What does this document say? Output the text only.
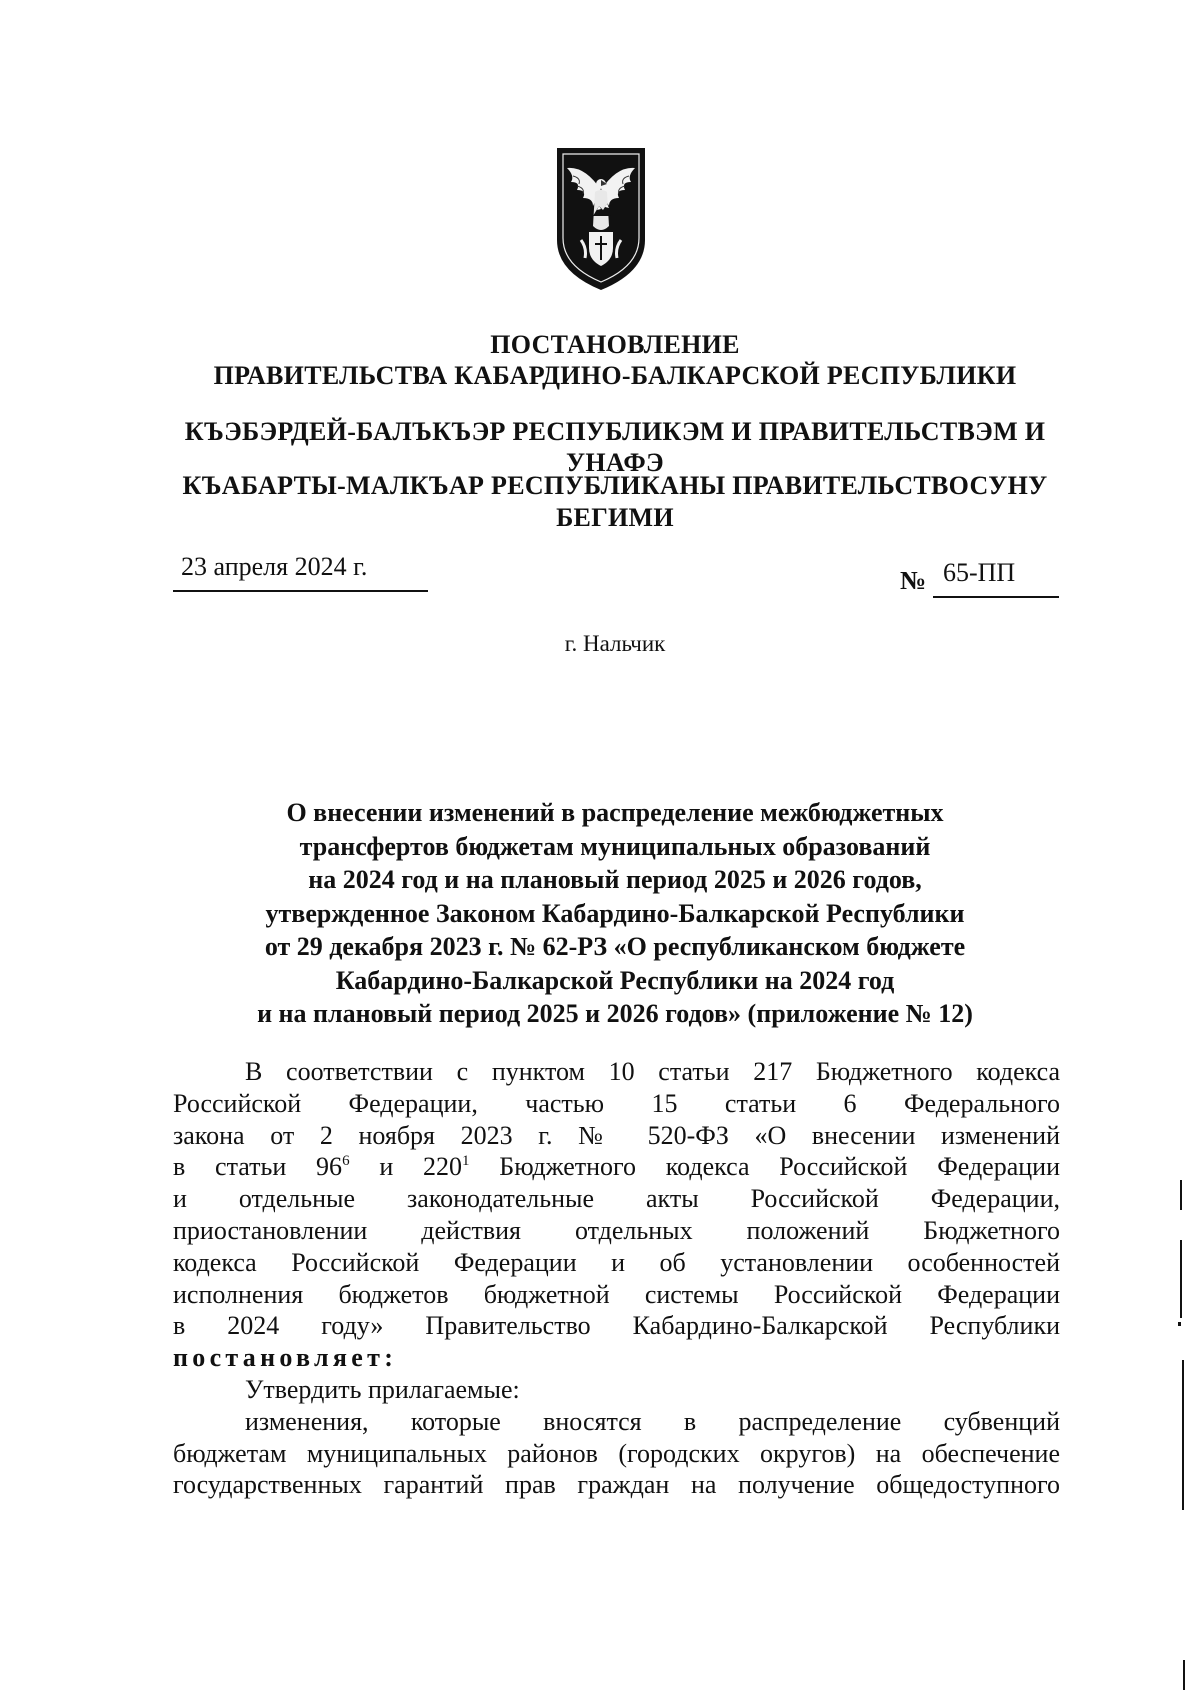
ПОСТАНОВЛЕНИЕ
ПРАВИТЕЛЬСТВА КАБАРДИНО-БАЛКАРСКОЙ РЕСПУБЛИКИ
КЪЭБЭРДЕЙ-БАЛЪКЪЭР РЕСПУБЛИКЭМ И ПРАВИТЕЛЬСТВЭМ И
УНАФЭ
КЪАБАРТЫ-МАЛКЪАР РЕСПУБЛИКАНЫ ПРАВИТЕЛЬСТВОСУНУ
БЕГИМИ
23 апреля 2024 г.	№ 65-ПП
г. Нальчик
О внесении изменений в распределение межбюджетных
трансфертов бюджетам муниципальных образований
на 2024 год и на плановый период 2025 и 2026 годов,
утвержденное Законом Кабардино-Балкарской Республики
от 29 декабря 2023 г. № 62-РЗ «О республиканском бюджете
Кабардино-Балкарской Республики на 2024 год
и на плановый период 2025 и 2026 годов» (приложение № 12)
В соответствии с пунктом 10 статьи 217 Бюджетного кодекса
Российской Федерации, частью 15 статьи 6 Федерального
закона от 2 ноября 2023 г. № 520-ФЗ «О внесении изменений
в статьи $96^6$ и $220^1$ Бюджетного кодекса Российской Федерации
и отдельные законодательные акты Российской Федерации,
приостановлении действия отдельных положений Бюджетного
кодекса Российской Федерации и об установлении особенностей
исполнения бюджетов бюджетной системы Российской Федерации
в 2024 году» Правительство Кабардино-Балкарской Республики
постановляет:
Утвердить прилагаемые:
изменения, которые вносятся в распределение субвенций
бюджетам муниципальных районов (городских округов) на обеспечение
государственных гарантий прав граждан на получение общедоступного
